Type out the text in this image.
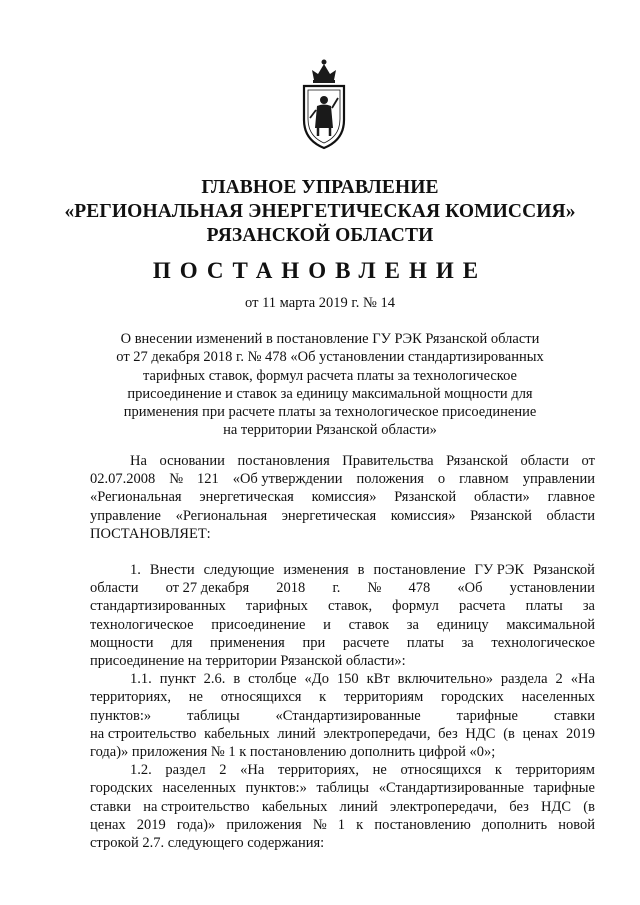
ГЛАВНОЕ УПРАВЛЕНИЕ
«РЕГИОНАЛЬНАЯ ЭНЕРГЕТИЧЕСКАЯ КОМИССИЯ»
РЯЗАНСКОЙ ОБЛАСТИ
ПОСТАНОВЛЕНИЕ
от 11 марта 2019 г. № 14
О внесении изменений в постановление ГУ РЭК Рязанской области
от 27 декабря 2018 г. № 478 «Об установлении стандартизированных
тарифных ставок, формул расчета платы за технологическое
присоединение и ставок за единицу максимальной мощности для
применения при расчете платы за технологическое присоединение
на территории Рязанской области»
На основании постановления Правительства Рязанской области от
02.07.2008 № 121 «Об утверждении положения о главном управлении
«Региональная энергетическая комиссия» Рязанской области» главное
управление «Региональная энергетическая комиссия» Рязанской области
ПОСТАНОВЛЯЕТ:
1. Внести следующие изменения в постановление ГУ РЭК Рязанской
области от 27 декабря 2018 г. № 478 «Об установлении
стандартизированных тарифных ставок, формул расчета платы за
технологическое присоединение и ставок за единицу максимальной
мощности для применения при расчете платы за технологическое
присоединение на территории Рязанской области»:
1.1. пункт 2.6. в столбце «До 150 кВт включительно» раздела 2 «На
территориях, не относящихся к территориям городских населенных
пунктов:» таблицы «Стандартизированные тарифные ставки
на строительство кабельных линий электропередачи, без НДС (в ценах 2019
года)» приложения № 1 к постановлению дополнить цифрой «0»;
1.2. раздел 2 «На территориях, не относящихся к территориям
городских населенных пунктов:» таблицы «Стандартизированные тарифные
ставки на строительство кабельных линий электропередачи, без НДС (в
ценах 2019 года)» приложения № 1 к постановлению дополнить новой
строкой 2.7. следующего содержания:
